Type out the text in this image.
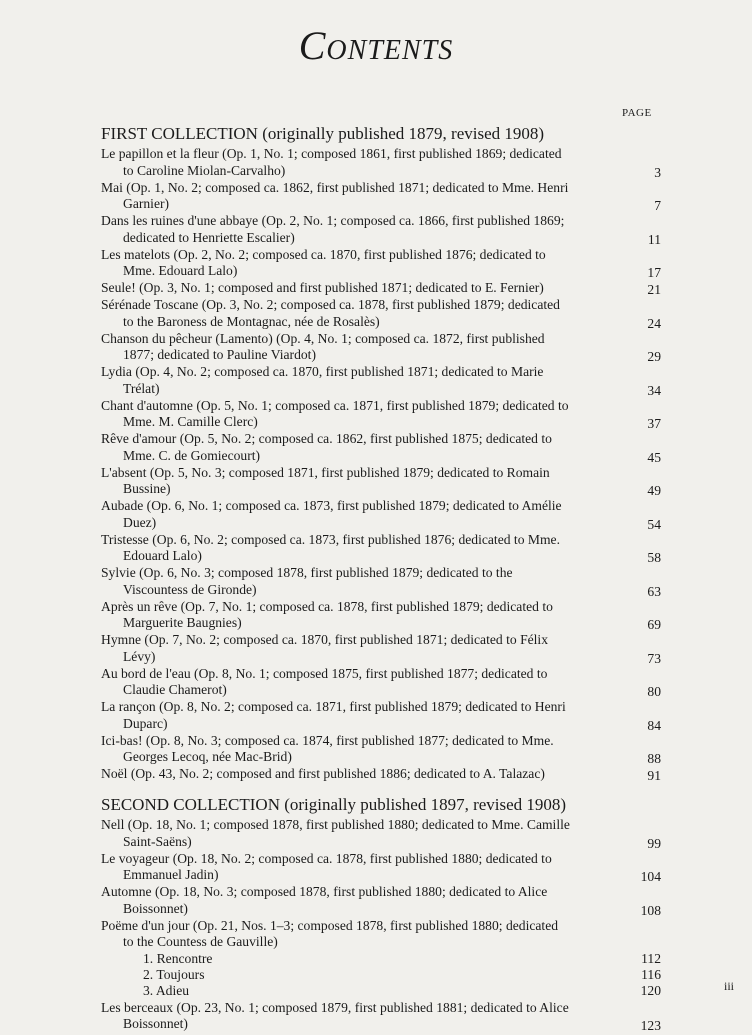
Contents
PAGE
FIRST COLLECTION (originally published 1879, revised 1908)
Le papillon et la fleur (Op. 1, No. 1; composed 1861, first published 1869; dedicated
to Caroline Miolan-Carvalho)	3
Mai (Op. 1, No. 2; composed ca. 1862, first published 1871; dedicated to Mme. Henri
Garnier)	7
Dans les ruines d'une abbaye (Op. 2, No. 1; composed ca. 1866, first published 1869;
dedicated to Henriette Escalier)	11
Les matelots (Op. 2, No. 2; composed ca. 1870, first published 1876; dedicated to
Mme. Edouard Lalo)	17
Seule! (Op. 3, No. 1; composed and first published 1871; dedicated to E. Fernier)	21
Sérénade Toscane (Op. 3, No. 2; composed ca. 1878, first published 1879; dedicated
to the Baroness de Montagnac, née de Rosalès)	24
Chanson du pêcheur (Lamento) (Op. 4, No. 1; composed ca. 1872, first published
1877; dedicated to Pauline Viardot)	29
Lydia (Op. 4, No. 2; composed ca. 1870, first published 1871; dedicated to Marie
Trélat)	34
Chant d'automne (Op. 5, No. 1; composed ca. 1871, first published 1879; dedicated to
Mme. M. Camille Clerc)	37
Rêve d'amour (Op. 5, No. 2; composed ca. 1862, first published 1875; dedicated to
Mme. C. de Gomiecourt)	45
L'absent (Op. 5, No. 3; composed 1871, first published 1879; dedicated to Romain
Bussine)	49
Aubade (Op. 6, No. 1; composed ca. 1873, first published 1879; dedicated to Amélie
Duez)	54
Tristesse (Op. 6, No. 2; composed ca. 1873, first published 1876; dedicated to Mme.
Edouard Lalo)	58
Sylvie (Op. 6, No. 3; composed 1878, first published 1879; dedicated to the
Viscountess de Gironde)	63
Après un rêve (Op. 7, No. 1; composed ca. 1878, first published 1879; dedicated to
Marguerite Baugnies)	69
Hymne (Op. 7, No. 2; composed ca. 1870, first published 1871; dedicated to Félix
Lévy)	73
Au bord de l'eau (Op. 8, No. 1; composed 1875, first published 1877; dedicated to
Claudie Chamerot)	80
La rançon (Op. 8, No. 2; composed ca. 1871, first published 1879; dedicated to Henri
Duparc)	84
Ici-bas! (Op. 8, No. 3; composed ca. 1874, first published 1877; dedicated to Mme.
Georges Lecoq, née Mac-Brid)	88
Noël (Op. 43, No. 2; composed and first published 1886; dedicated to A. Talazac)	91
SECOND COLLECTION (originally published 1897, revised 1908)
Nell (Op. 18, No. 1; composed 1878, first published 1880; dedicated to Mme. Camille
Saint-Saëns)	99
Le voyageur (Op. 18, No. 2; composed ca. 1878, first published 1880; dedicated to
Emmanuel Jadin)	104
Automne (Op. 18, No. 3; composed 1878, first published 1880; dedicated to Alice
Boissonnet)	108
Poëme d'un jour (Op. 21, Nos. 1–3; composed 1878, first published 1880; dedicated
to the Countess de Gauville)
1. Rencontre	112
2. Toujours	116
3. Adieu	120
Les berceaux (Op. 23, No. 1; composed 1879, first published 1881; dedicated to Alice
Boissonnet)	123
iii
